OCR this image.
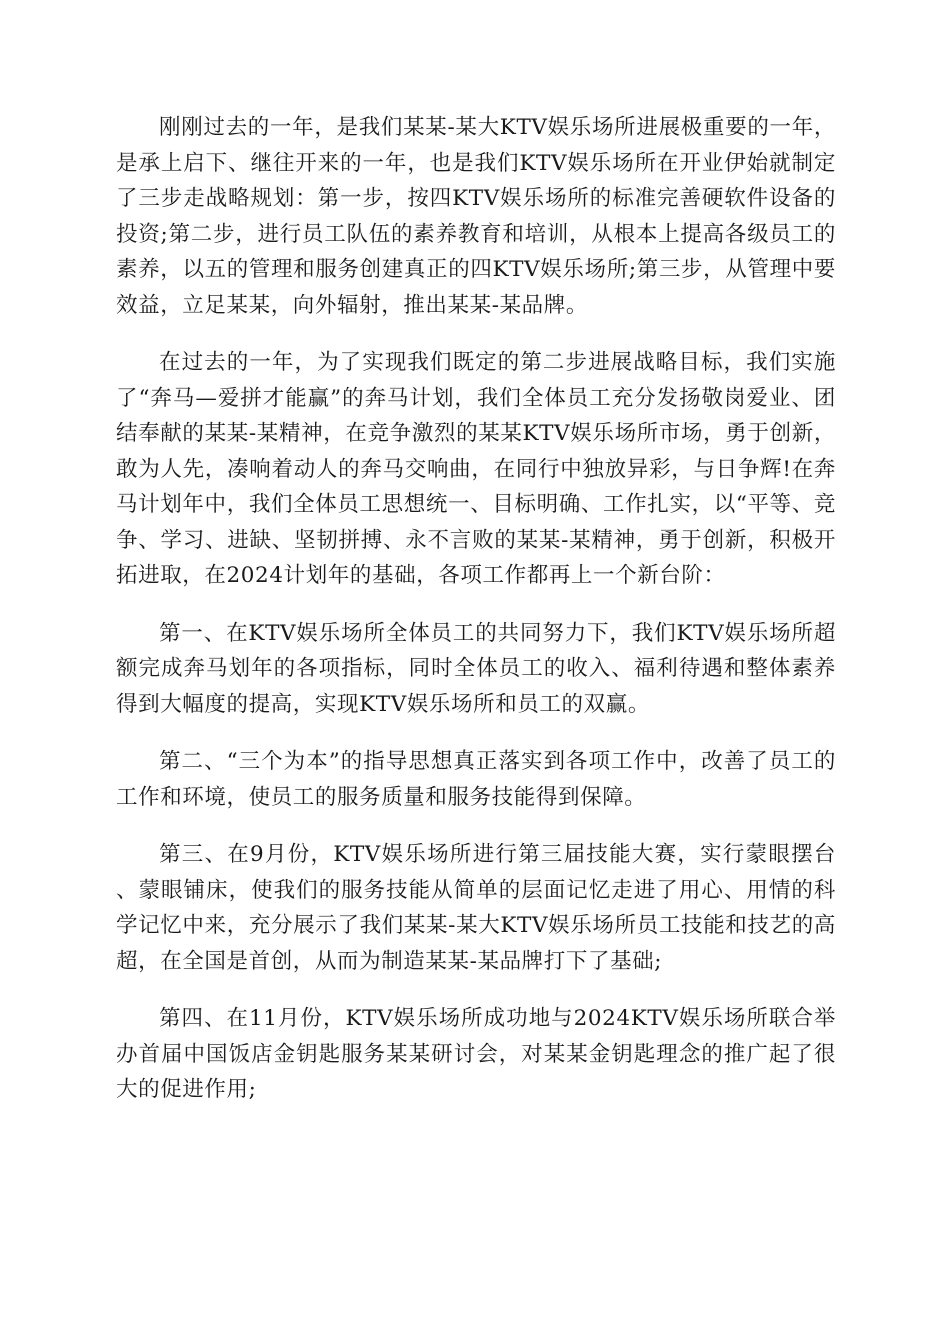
刚刚过去的一年，是我们某某-某大KTV娱乐场所进展极重要的一年，是承上启下、继往开来的一年，也是我们KTV娱乐场所在开业伊始就制定了三步走战略规划：第一步，按四KTV娱乐场所的标准完善硬软件设备的投资;第二步，进行员工队伍的素养教育和培训，从根本上提高各级员工的素养，以五的管理和服务创建真正的四KTV娱乐场所;第三步，从管理中要效益，立足某某，向外辐射，推出某某-某品牌。

在过去的一年，为了实现我们既定的第二步进展战略目标，我们实施了“奔马—爱拼才能赢”的奔马计划，我们全体员工充分发扬敬岗爱业、团结奉献的某某-某精神，在竞争激烈的某某KTV娱乐场所市场，勇于创新，敢为人先，凑响着动人的奔马交响曲，在同行中独放异彩，与日争辉!在奔马计划年中，我们全体员工思想统一、目标明确、工作扎实，以“平等、竞争、学习、进缺、坚韧拼搏、永不言败的某某-某精神，勇于创新，积极开拓进取，在2024计划年的基础，各项工作都再上一个新台阶：

第一、在KTV娱乐场所全体员工的共同努力下，我们KTV娱乐场所超额完成奔马划年的各项指标，同时全体员工的收入、福利待遇和整体素养得到大幅度的提高，实现KTV娱乐场所和员工的双赢。

第二、“三个为本”的指导思想真正落实到各项工作中，改善了员工的工作和环境，使员工的服务质量和服务技能得到保障。

第三、在9月份，KTV娱乐场所进行第三届技能大赛，实行蒙眼摆台、蒙眼铺床，使我们的服务技能从简单的层面记忆走进了用心、用情的科学记忆中来，充分展示了我们某某-某大KTV娱乐场所员工技能和技艺的高超，在全国是首创，从而为制造某某-某品牌打下了基础;

第四、在11月份，KTV娱乐场所成功地与2024KTV娱乐场所联合举办首届中国饭店金钥匙服务某某研讨会，对某某金钥匙理念的推广起了很大的促进作用;
